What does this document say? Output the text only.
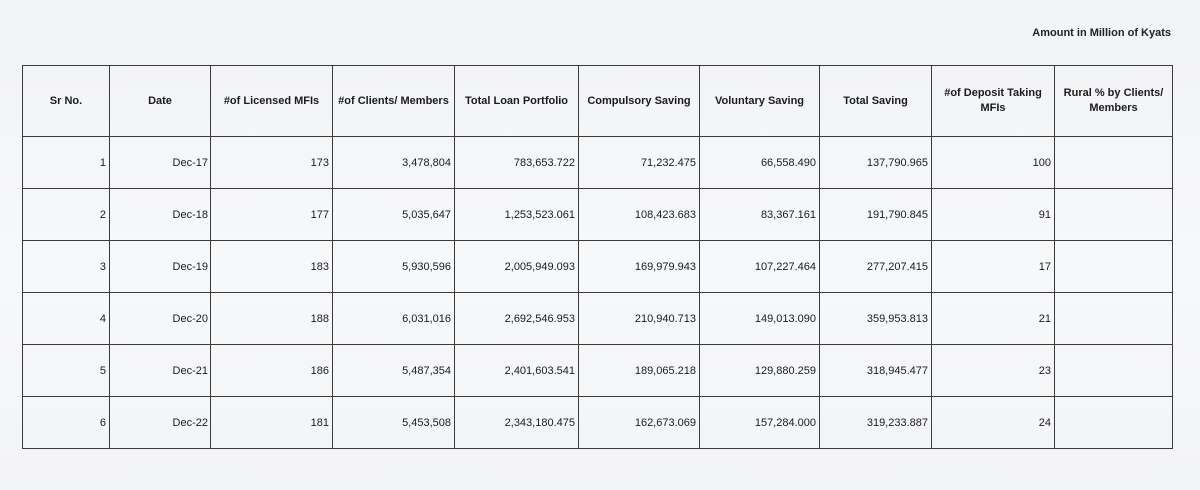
Amount in Million of Kyats
Sr No.	Date	#of Licensed MFIs	#of Clients/ Members	Total Loan Portfolio	Compulsory Saving	Voluntary Saving	Total Saving	#of Deposit Taking MFIs	Rural % by Clients/ Members
1	Dec-17	173	3,478,804	783,653.722	71,232.475	66,558.490	137,790.965	100	
2	Dec-18	177	5,035,647	1,253,523.061	108,423.683	83,367.161	191,790.845	91	
3	Dec-19	183	5,930,596	2,005,949.093	169,979.943	107,227.464	277,207.415	17	
4	Dec-20	188	6,031,016	2,692,546.953	210,940.713	149,013.090	359,953.813	21	
5	Dec-21	186	5,487,354	2,401,603.541	189,065.218	129,880.259	318,945.477	23	
6	Dec-22	181	5,453,508	2,343,180.475	162,673.069	157,284.000	319,233.887	24	
